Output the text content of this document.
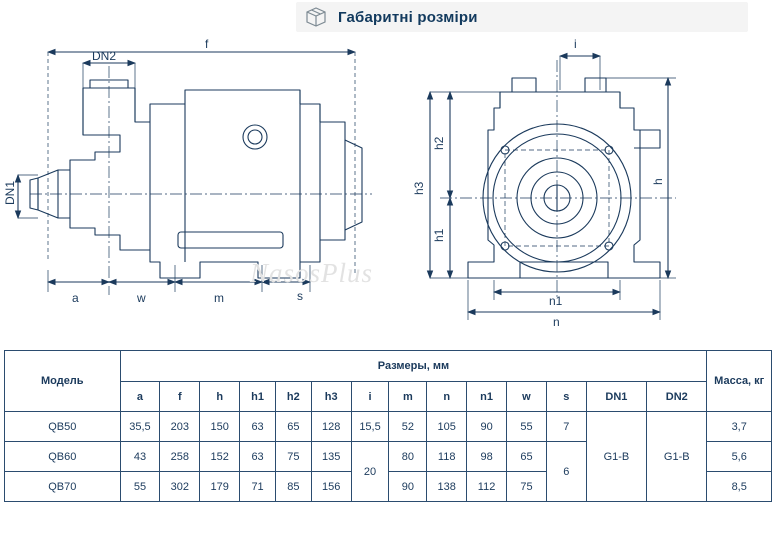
Габаритні розміри
f
DN2
DN1
a	w	m	s
i
h2
h3
h1
h
n1
n
NasosPlus
Модель	Размеры, мм														Масса, кг
	a	f	h	h1	h2	h3	i	m	n	n1	w	s	DN1	DN2	
QB50	35,5	203	150	63	65	128	15,5	52	105	90	55	7	G1-B	G1-B	3,7
QB60	43	258	152	63	75	135	20	80	118	98	65	6			5,6
QB70	55	302	179	71	85	156		90	138	112	75				8,5
